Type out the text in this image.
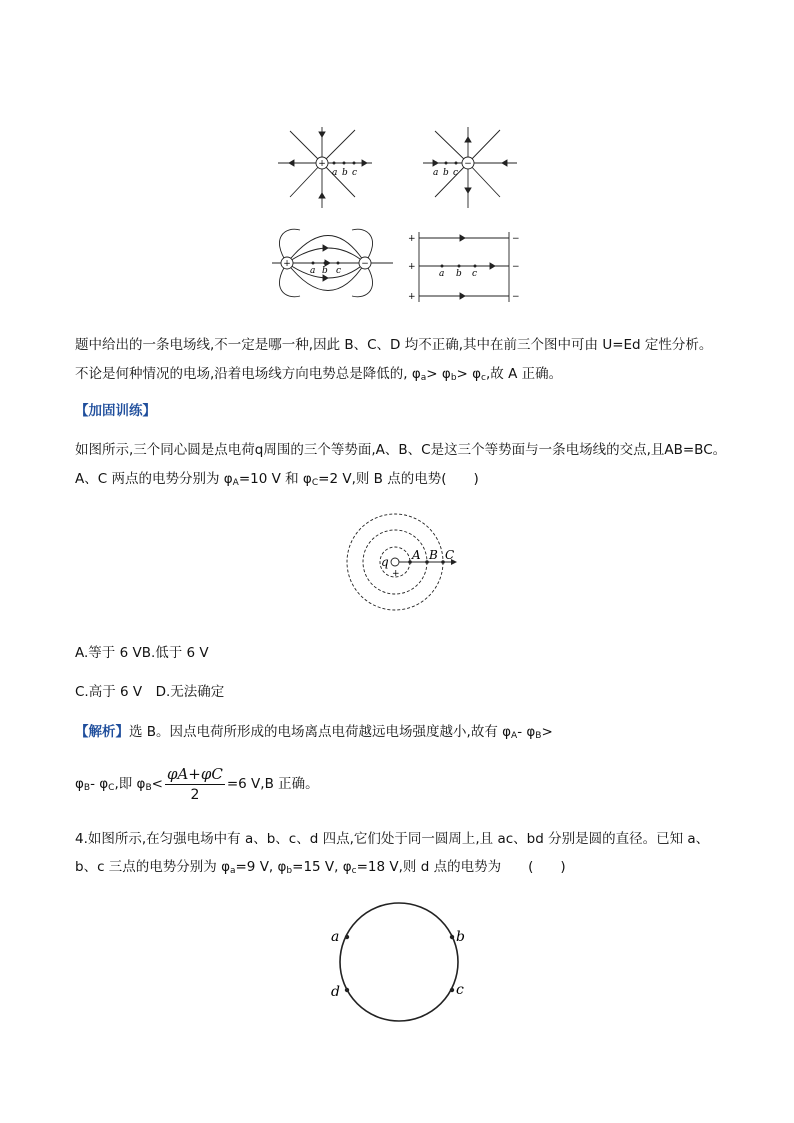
+
a b c
−
a b c
+	−
a b c
+
+
+
−
−
−
a b c
题中给出的一条电场线,不一定是哪一种,因此 B、C、D 均不正确,其中在前三个图中可由 U=Ed 定性分析。
不论是何种情况的电场,沿着电场线方向电势总是降低的, $\varphi_a> \varphi_b> \varphi_c$,故 A 正确。
【加固训练】
如图所示,三个同心圆是点电荷q周围的三个等势面,A、B、C是这三个等势面与一条电场线的交点,且AB=BC。
A、C 两点的电势分别为 $\varphi_A=10$ V 和 $\varphi_C=2$ V,则 B 点的电势(　　)
q
+
A B C
A.等于 6 VB.低于 6 V
C.高于 6 V　D.无法确定
【解析】选 B。因点电荷所形成的电场离点电荷越远电场强度越小,故有 $\varphi_A-$ $\varphi_B>$
$\varphi_B-$ $\varphi_C$,即 $\varphi_B< \frac{\varphi A+\varphi C}{2} =6$ V,B 正确。
4.如图所示,在匀强电场中有 a、b、c、d 四点,它们处于同一圆周上,且 ac、bd 分别是圆的直径。已知 a、
b、c 三点的电势分别为 $\varphi_a=9$ V, $\varphi_b=15$ V, $\varphi_c=18$ V,则 d 点的电势为　　(　　)
a	b
c
d
